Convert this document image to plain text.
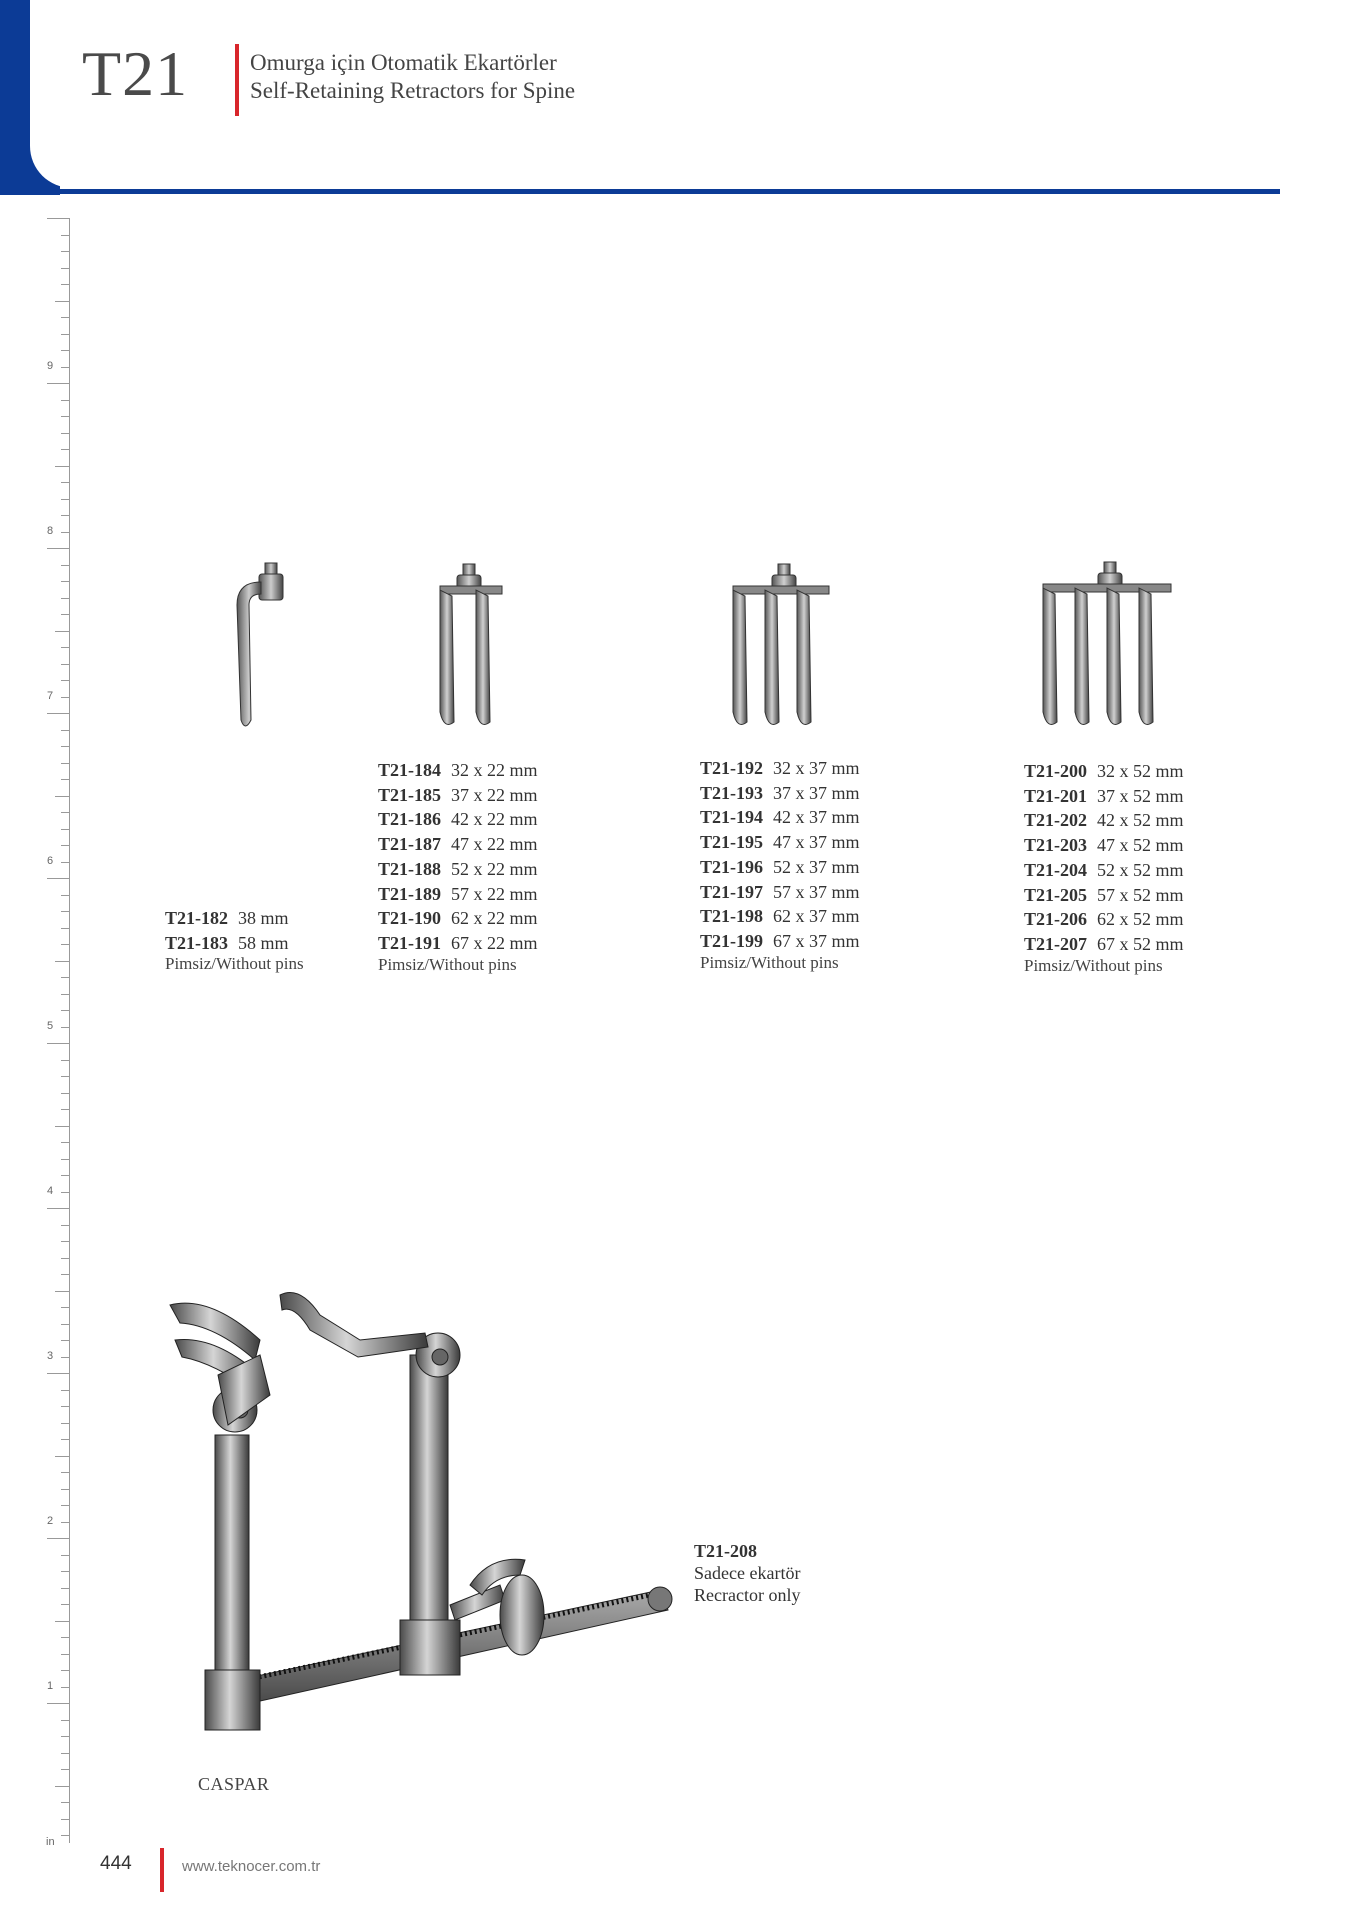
T21	Omurga için Otomatik Ekartörler
Self-Retaining Retractors for Spine
9
8
7
6
5
4
3
2
1
in
T21-182 38 mm
T21-183 58 mm
Pimsiz/Without pins
T21-184 32 x 22 mm
T21-185 37 x 22 mm
T21-186 42 x 22 mm
T21-187 47 x 22 mm
T21-188 52 x 22 mm
T21-189 57 x 22 mm
T21-190 62 x 22 mm
T21-191 67 x 22 mm
Pimsiz/Without pins
T21-192 32 x 37 mm
T21-193 37 x 37 mm
T21-194 42 x 37 mm
T21-195 47 x 37 mm
T21-196 52 x 37 mm
T21-197 57 x 37 mm
T21-198 62 x 37 mm
T21-199 67 x 37 mm
Pimsiz/Without pins
T21-200 32 x 52 mm
T21-201 37 x 52 mm
T21-202 42 x 52 mm
T21-203 47 x 52 mm
T21-204 52 x 52 mm
T21-205 57 x 52 mm
T21-206 62 x 52 mm
T21-207 67 x 52 mm
Pimsiz/Without pins
T21-208
Sadece ekartör
Recractor only
CASPAR
444	www.teknocer.com.tr
